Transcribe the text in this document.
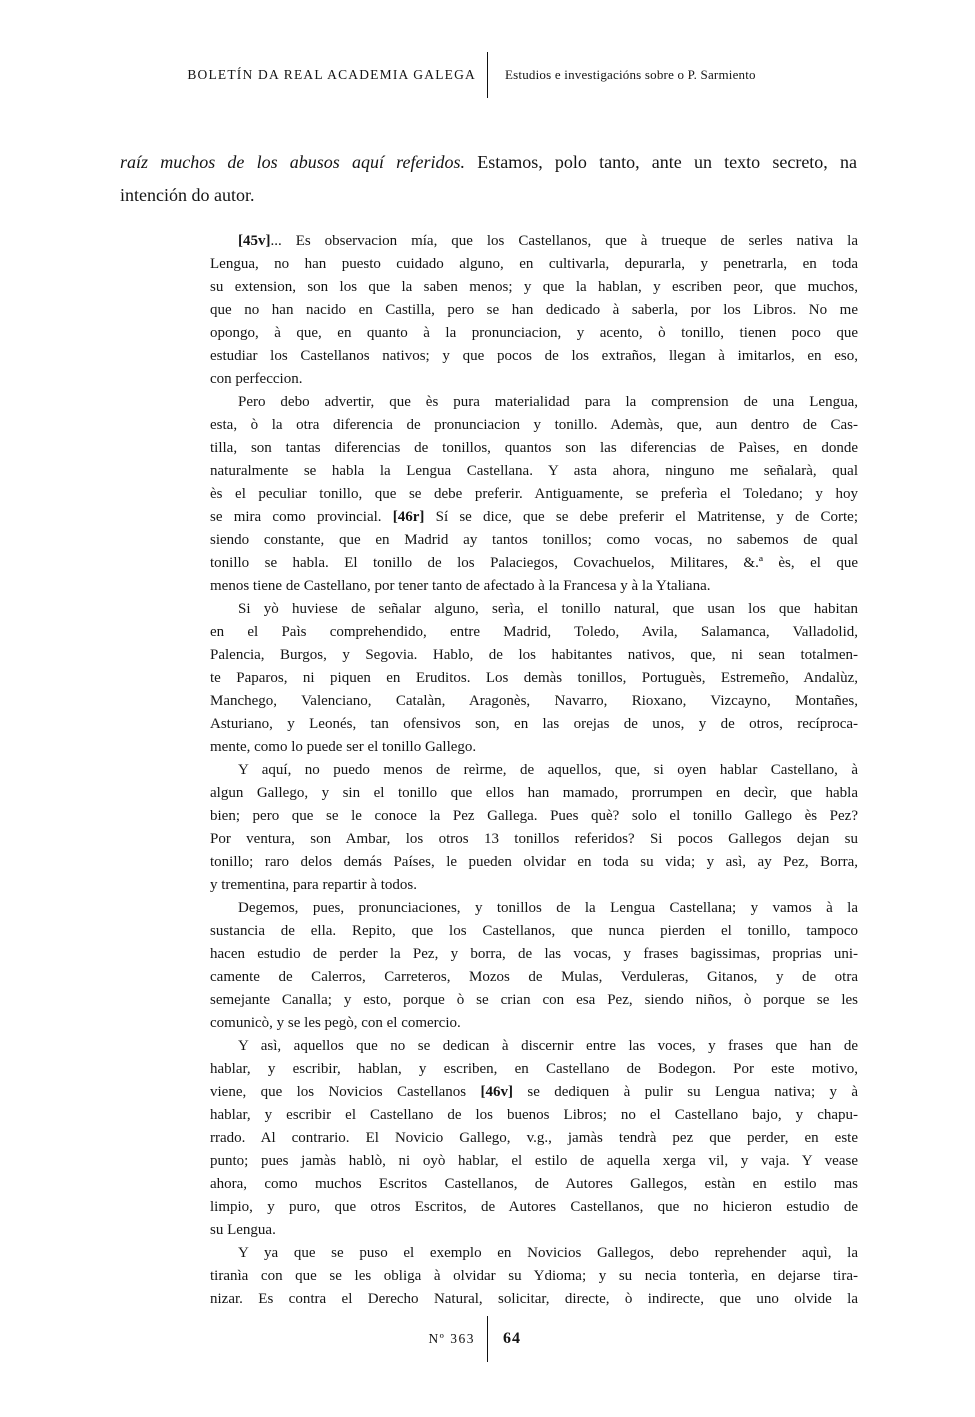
BOLETÍN DA REAL ACADEMIA GALEGA	Estudios e investigacións sobre o P. Sarmiento
raíz muchos de los abusos aquí referidos. Estamos, polo tanto, ante un texto secreto, na
intención do autor.
[45v]... Es observacion mía, que los Castellanos, que à trueque de serles nativa la
Lengua, no han puesto cuidado alguno, en cultivarla, depurarla, y penetrarla, en toda
su extension, son los que la saben menos; y que la hablan, y escriben peor, que muchos,
que no han nacido en Castilla, pero se han dedicado à saberla, por los Libros. No me
opongo, à que, en quanto à la pronunciacion, y acento, ò tonillo, tienen poco que
estudiar los Castellanos nativos; y que pocos de los extraños, llegan à imitarlos, en eso,
con perfeccion.
Pero debo advertir, que ès pura materialidad para la comprension de una Lengua,
esta, ò la otra diferencia de pronunciacion y tonillo. Ademàs, que, aun dentro de Cas-
tilla, son tantas diferencias de tonillos, quantos son las diferencias de Paìses, en donde
naturalmente se habla la Lengua Castellana. Y asta ahora, ninguno me señalarà, qual
ès el peculiar tonillo, que se debe preferir. Antiguamente, se preferìa el Toledano; y hoy
se mira como provincial. [46r] Sí se dice, que se debe preferir el Matritense, y de Corte;
siendo constante, que en Madrid ay tantos tonillos; como vocas, no sabemos de qual
tonillo se habla. El tonillo de los Palaciegos, Covachuelos, Militares, &.ª ès, el que
menos tiene de Castellano, por tener tanto de afectado à la Francesa y à la Ytaliana.
Si yò huviese de señalar alguno, serìa, el tonillo natural, que usan los que habitan
en el Paìs comprehendido, entre Madrid, Toledo, Avila, Salamanca, Valladolid,
Palencia, Burgos, y Segovia. Hablo, de los habitantes nativos, que, ni sean totalmen-
te Paparos, ni piquen en Eruditos. Los demàs tonillos, Portuguès, Estremeño, Andalùz,
Manchego, Valenciano, Catalàn, Aragonès, Navarro, Rioxano, Vizcayno, Montañes,
Asturiano, y Leonés, tan ofensivos son, en las orejas de unos, y de otros, recíproca-
mente, como lo puede ser el tonillo Gallego.
Y aquí, no puedo menos de reìrme, de aquellos, que, si oyen hablar Castellano, à
algun Gallego, y sin el tonillo que ellos han mamado, prorrumpen en decìr, que habla
bien; pero que se le conoce la Pez Gallega. Pues què? solo el tonillo Gallego ès Pez?
Por ventura, son Ambar, los otros 13 tonillos referidos? Si pocos Gallegos dejan su
tonillo; raro delos demás Países, le pueden olvidar en toda su vida; y asì, ay Pez, Borra,
y trementina, para repartir à todos.
Degemos, pues, pronunciaciones, y tonillos de la Lengua Castellana; y vamos à la
sustancia de ella. Repito, que los Castellanos, que nunca pierden el tonillo, tampoco
hacen estudio de perder la Pez, y borra, de las vocas, y frases bagissimas, proprias uni-
camente de Calerros, Carreteros, Mozos de Mulas, Verduleras, Gitanos, y de otra
semejante Canalla; y esto, porque ò se crian con esa Pez, siendo niños, ò porque se les
comunicò, y se les pegò, con el comercio.
Y asì, aquellos que no se dedican à discernir entre las voces, y frases que han de
hablar, y escribir, hablan, y escriben, en Castellano de Bodegon. Por este motivo,
viene, que los Novicios Castellanos [46v] se dediquen à pulir su Lengua nativa; y à
hablar, y escribir el Castellano de los buenos Libros; no el Castellano bajo, y chapu-
rrado. Al contrario. El Novicio Gallego, v.g., jamàs tendrà pez que perder, en este
punto; pues jamàs hablò, ni oyò hablar, el estilo de aquella xerga vil, y vaja. Y vease
ahora, como muchos Escritos Castellanos, de Autores Gallegos, estàn en estilo mas
limpio, y puro, que otros Escritos, de Autores Castellanos, que no hicieron estudio de
su Lengua.
Y ya que se puso el exemplo en Novicios Gallegos, debo reprehender aquì, la
tiranìa con que se les obliga à olvidar su Ydioma; y su necia tonterìa, en dejarse tira-
nizar. Es contra el Derecho Natural, solicitar, directe, ò indirecte, que uno olvide la
Nº 363	64
